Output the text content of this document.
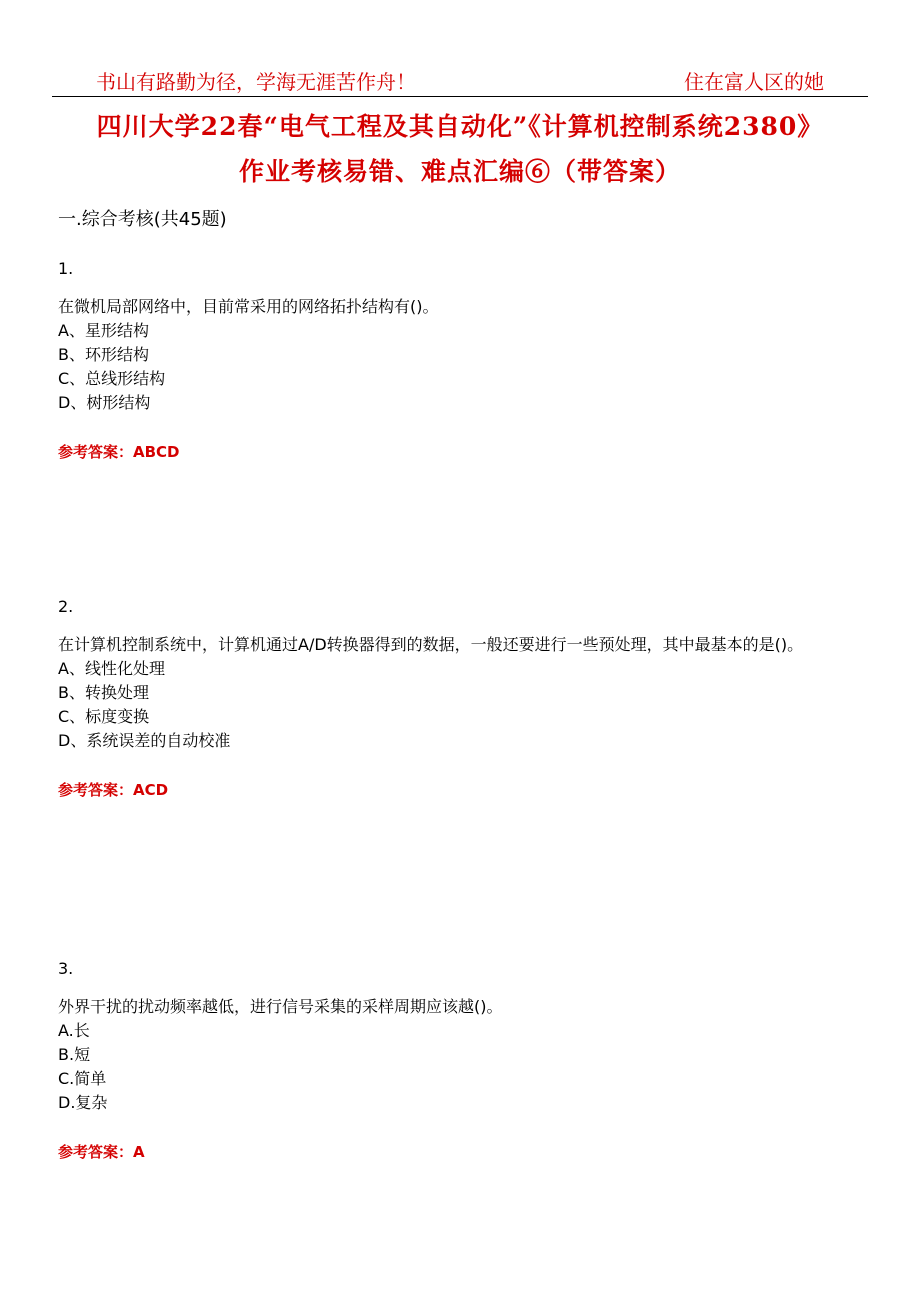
书山有路勤为径，学海无涯苦作舟！	住在富人区的她
四川大学22春“电气工程及其自动化”《计算机控制系统2380》
作业考核易错、难点汇编⑥（带答案）
一.综合考核(共45题)
1.
在微机局部网络中，目前常采用的网络拓扑结构有()。
A、星形结构
B、环形结构
C、总线形结构
D、树形结构
参考答案：ABCD
2.
在计算机控制系统中，计算机通过A/D转换器得到的数据，一般还要进行一些预处理，其中最基本的是()。
A、线性化处理
B、转换处理
C、标度变换
D、系统误差的自动校准
参考答案：ACD
3.
外界干扰的扰动频率越低，进行信号采集的采样周期应该越()。
A.长
B.短
C.简单
D.复杂
参考答案：A
